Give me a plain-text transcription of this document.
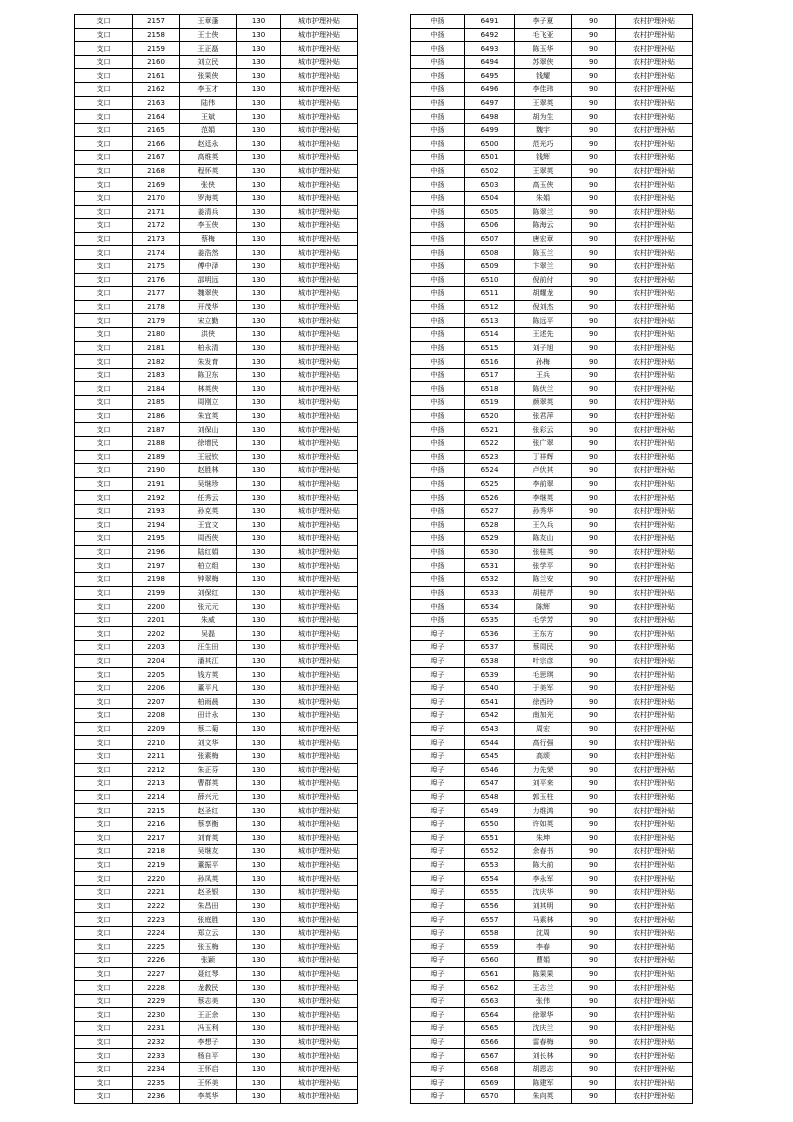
支口	2157	王章蓬	130	城市护理补贴
支口	2158	王士侠	130	城市护理补贴
支口	2159	王正磊	130	城市护理补贴
支口	2160	刘立民	130	城市护理补贴
支口	2161	张果侠	130	城市护理补贴
支口	2162	李玉才	130	城市护理补贴
支口	2163	陆伟	130	城市护理补贴
支口	2164	王斌	130	城市护理补贴
支口	2165	范娟	130	城市护理补贴
支口	2166	赵廷永	130	城市护理补贴
支口	2167	高维英	130	城市护理补贴
支口	2168	程怀英	130	城市护理补贴
支口	2169	张侠	130	城市护理补贴
支口	2170	罗海英	130	城市护理补贴
支口	2171	姜清兵	130	城市护理补贴
支口	2172	李玉侠	130	城市护理补贴
支口	2173	蔡梅	130	城市护理补贴
支口	2174	姜浩然	130	城市护理补贴
支口	2175	傅中泽	130	城市护理补贴
支口	2176	邵明远	130	城市护理补贴
支口	2177	魏翠侠	130	城市护理补贴
支口	2178	开茂华	130	城市护理补贴
支口	2179	宋立勤	130	城市护理补贴
支口	2180	洪侠	130	城市护理补贴
支口	2181	柏永清	130	城市护理补贴
支口	2182	朱发育	130	城市护理补贴
支口	2183	陈卫东	130	城市护理补贴
支口	2184	林英侠	130	城市护理补贴
支口	2185	周刚立	130	城市护理补贴
支口	2186	朱宜英	130	城市护理补贴
支口	2187	刘保山	130	城市护理补贴
支口	2188	徐增民	130	城市护理补贴
支口	2189	王冠钦	130	城市护理补贴
支口	2190	赵胜林	130	城市护理补贴
支口	2191	吴继珍	130	城市护理补贴
支口	2192	任秀云	130	城市护理补贴
支口	2193	孙克英	130	城市护理补贴
支口	2194	王宜文	130	城市护理补贴
支口	2195	周西侠	130	城市护理补贴
支口	2196	陆红娟	130	城市护理补贴
支口	2197	柏立组	130	城市护理补贴
支口	2198	钟翠梅	130	城市护理补贴
支口	2199	刘保红	130	城市护理补贴
支口	2200	张元元	130	城市护理补贴
支口	2201	朱威	130	城市护理补贴
支口	2202	吴磊	130	城市护理补贴
支口	2203	汪生田	130	城市护理补贴
支口	2204	潘其江	130	城市护理补贴
支口	2205	钱方英	130	城市护理补贴
支口	2206	董平凡	130	城市护理补贴
支口	2207	柏雨晨	130	城市护理补贴
支口	2208	田计永	130	城市护理补贴
支口	2209	蔡二菊	130	城市护理补贴
支口	2210	刘文华	130	城市护理补贴
支口	2211	张素梅	130	城市护理补贴
支口	2212	朱正芬	130	城市护理补贴
支口	2213	曹群英	130	城市护理补贴
支口	2214	薛兴元	130	城市护理补贴
支口	2215	赵圣红	130	城市护理补贴
支口	2216	蔡享衡	130	城市护理补贴
支口	2217	刘育英	130	城市护理补贴
支口	2218	吴继友	130	城市护理补贴
支口	2219	董振平	130	城市护理补贴
支口	2220	孙凤英	130	城市护理补贴
支口	2221	赵圣银	130	城市护理补贴
支口	2222	朱昌田	130	城市护理补贴
支口	2223	张庭胜	130	城市护理补贴
支口	2224	郑立云	130	城市护理补贴
支口	2225	张玉梅	130	城市护理补贴
支口	2226	张颖	130	城市护理补贴
支口	2227	聂红琴	130	城市护理补贴
支口	2228	龙教民	130	城市护理补贴
支口	2229	蔡志美	130	城市护理补贴
支口	2230	王正余	130	城市护理补贴
支口	2231	冯玉利	130	城市护理补贴
支口	2232	李想子	130	城市护理补贴
支口	2233	杨自平	130	城市护理补贴
支口	2234	王怀启	130	城市护理补贴
支口	2235	王怀美	130	城市护理补贴
支口	2236	李英华	130	城市护理补贴
中扬	6491	李子夏	90	农村护理补贴
中扬	6492	毛飞亚	90	农村护理补贴
中扬	6493	陈玉华	90	农村护理补贴
中扬	6494	苏翠侠	90	农村护理补贴
中扬	6495	钱耀	90	农村护理补贴
中扬	6496	李佳玮	90	农村护理补贴
中扬	6497	王翠英	90	农村护理补贴
中扬	6498	胡为生	90	农村护理补贴
中扬	6499	魏宇	90	农村护理补贴
中扬	6500	范光巧	90	农村护理补贴
中扬	6501	钱辉	90	农村护理补贴
中扬	6502	王翠英	90	农村护理补贴
中扬	6503	高玉侠	90	农村护理补贴
中扬	6504	朱娟	90	农村护理补贴
中扬	6505	陈翠兰	90	农村护理补贴
中扬	6506	陈海云	90	农村护理补贴
中扬	6507	唐宏章	90	农村护理补贴
中扬	6508	陈玉兰	90	农村护理补贴
中扬	6509	卞翠兰	90	农村护理补贴
中扬	6510	倪前付	90	农村护理补贴
中扬	6511	胡耀龙	90	农村护理补贴
中扬	6512	倪刘杰	90	农村护理补贴
中扬	6513	陈远平	90	农村护理补贴
中扬	6514	王述先	90	农村护理补贴
中扬	6515	刘子旭	90	农村护理补贴
中扬	6516	孙梅	90	农村护理补贴
中扬	6517	王兵	90	农村护理补贴
中扬	6518	陈伏兰	90	农村护理补贴
中扬	6519	颜翠英	90	农村护理补贴
中扬	6520	张君萍	90	农村护理补贴
中扬	6521	张彩云	90	农村护理补贴
中扬	6522	张广翠	90	农村护理补贴
中扬	6523	丁祥辉	90	农村护理补贴
中扬	6524	卢伏其	90	农村护理补贴
中扬	6525	李前翠	90	农村护理补贴
中扬	6526	李继英	90	农村护理补贴
中扬	6527	孙秀华	90	农村护理补贴
中扬	6528	王久兵	90	农村护理补贴
中扬	6529	陈友山	90	农村护理补贴
中扬	6530	张桂英	90	农村护理补贴
中扬	6531	张学平	90	农村护理补贴
中扬	6532	陈兰安	90	农村护理补贴
中扬	6533	胡桂芹	90	农村护理补贴
中扬	6534	陈辉	90	农村护理补贴
中扬	6535	毛学芳	90	农村护理补贴
埠子	6536	王东方	90	农村护理补贴
埠子	6537	蔡周民	90	农村护理补贴
埠子	6538	叶宗彦	90	农村护理补贴
埠子	6539	毛思琪	90	农村护理补贴
埠子	6540	于美军	90	农村护理补贴
埠子	6541	徐西玲	90	农村护理补贴
埠子	6542	南加光	90	农村护理补贴
埠子	6543	周宏	90	农村护理补贴
埠子	6544	高行强	90	农村护理补贴
埠子	6545	高颂	90	农村护理补贴
埠子	6546	力先荣	90	农村护理补贴
埠子	6547	刘平来	90	农村护理补贴
埠子	6548	郭玉柱	90	农村护理补贴
埠子	6549	力维鸿	90	农村护理补贴
埠子	6550	许如英	90	农村护理补贴
埠子	6551	朱坤	90	农村护理补贴
埠子	6552	余春书	90	农村护理补贴
埠子	6553	陈大前	90	农村护理补贴
埠子	6554	李永军	90	农村护理补贴
埠子	6555	沈庆华	90	农村护理补贴
埠子	6556	刘其明	90	农村护理补贴
埠子	6557	马素林	90	农村护理补贴
埠子	6558	沈周	90	农村护理补贴
埠子	6559	李春	90	农村护理补贴
埠子	6560	曹娟	90	农村护理补贴
埠子	6561	陈果果	90	农村护理补贴
埠子	6562	王志兰	90	农村护理补贴
埠子	6563	张伟	90	农村护理补贴
埠子	6564	徐翠华	90	农村护理补贴
埠子	6565	沈庆兰	90	农村护理补贴
埠子	6566	雷春梅	90	农村护理补贴
埠子	6567	刘长林	90	农村护理补贴
埠子	6568	胡恩志	90	农村护理补贴
埠子	6569	陈建军	90	农村护理补贴
埠子	6570	朱向英	90	农村护理补贴
